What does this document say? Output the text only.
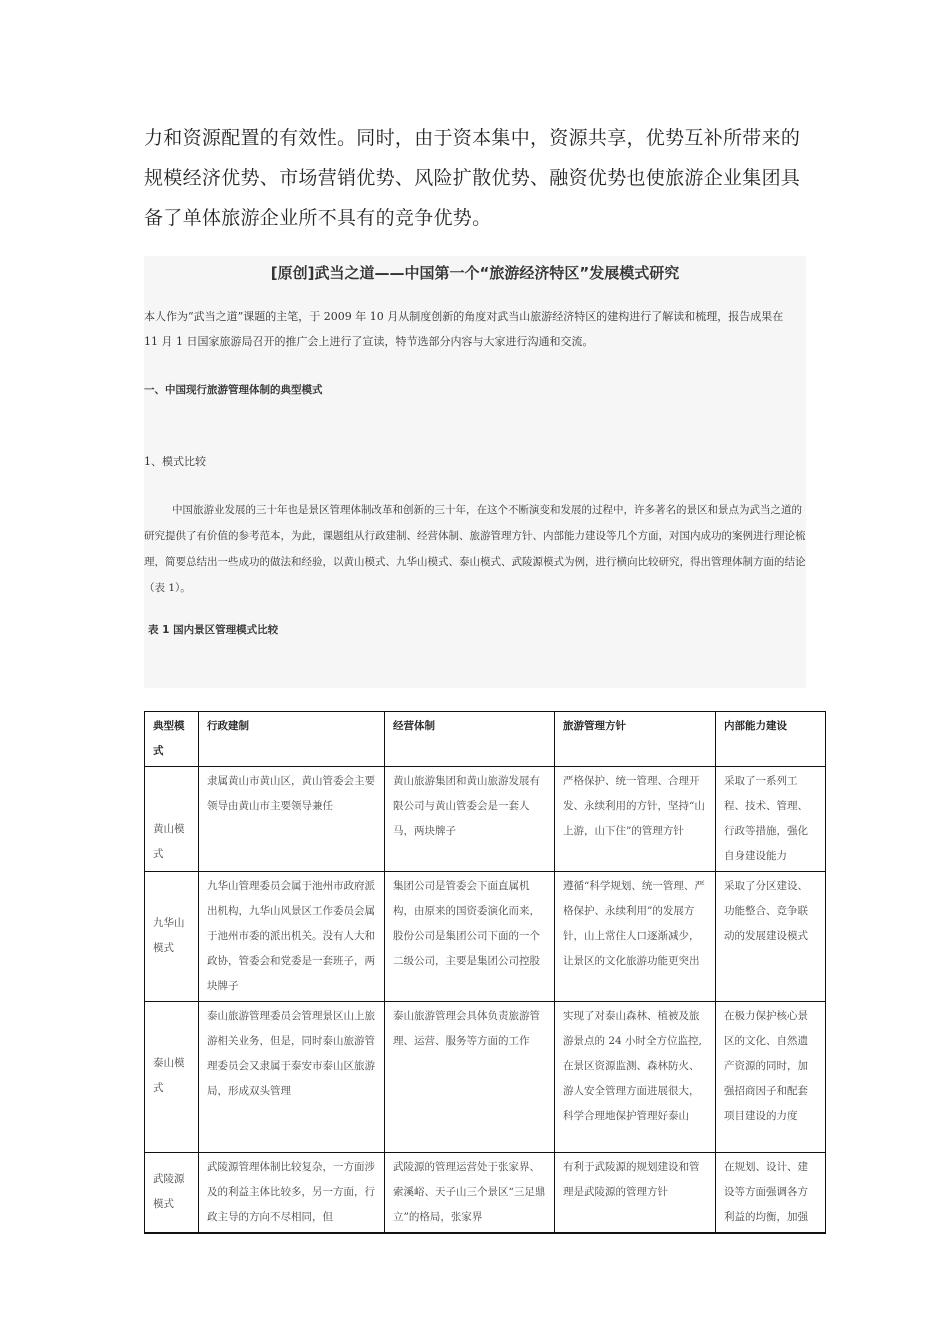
力和资源配置的有效性。同时，由于资本集中，资源共享，优势互补所带来的

规模经济优势、市场营销优势、风险扩散优势、融资优势也使旅游企业集团具

备了单体旅游企业所不具有的竞争优势。

[原创]武当之道——中国第一个“旅游经济特区”发展模式研究

本人作为“武当之道”课题的主笔，于 2009 年 10 月从制度创新的角度对武当山旅游经济特区的建构进行了解读和梳理，报告成果在

11 月 1 日国家旅游局召开的推广会上进行了宣读，特节选部分内容与大家进行沟通和交流。

一、中国现行旅游管理体制的典型模式
1、模式比较
中国旅游业发展的三十年也是景区管理体制改革和创新的三十年，在这个不断演变和发展的过程中，许多著名的景区和景点为武当之道的研究提供了有价值的参考范本，为此，课题组从行政建制、经营体制、旅游管理方针、内部能力建设等几个方面，对国内成功的案例进行理论梳理，简要总结出一些成功的做法和经验，以黄山模式、九华山模式、泰山模式、武陵源模式为例，进行横向比较研究，得出管理体制方面的结论（表 1）。
表 1 国内景区管理模式比较
典型模式	行政建制	经营体制	旅游管理方针	内部能力建设
黄山模式	隶属黄山市黄山区，黄山管委会主要领导由黄山市主要领导兼任	黄山旅游集团和黄山旅游发展有限公司与黄山管委会是一套人马，两块牌子	严格保护、统一管理、合理开发、永续利用的方针，坚持“山上游，山下住”的管理方针	采取了一系列工程、技术、管理、行政等措施，强化自身建设能力
九华山模式	九华山管理委员会属于池州市政府派出机构，九华山风景区工作委员会属于池州市委的派出机关。没有人大和政协，管委会和党委是一套班子，两块牌子	集团公司是管委会下面直属机构，由原来的国资委演化而来，股份公司是集团公司下面的一个二级公司，主要是集团公司控股	遵循“科学规划、统一管理、严格保护、永续利用”的发展方针，山上常住人口逐渐减少，让景区的文化旅游功能更突出	采取了分区建设、功能整合、竞争联动的发展建设模式
泰山模式	泰山旅游管理委员会管理景区山上旅游相关业务，但是，同时泰山旅游管理委员会又隶属于泰安市泰山区旅游局，形成双头管理	泰山旅游管理会具体负责旅游管理、运营、服务等方面的工作	实现了对泰山森林、植被及旅游景点的 24 小时全方位监控,在景区资源监测、森林防火、游人安全管理方面进展很大，科学合理地保护管理好泰山	在极力保护核心景区的文化、自然遗产资源的同时，加强招商因子和配套项目建设的力度
武陵源模式	武陵源管理体制比较复杂，一方面涉及的利益主体比较多，另一方面，行政主导的方向不尽相同，但	武陵源的管理运营处于张家界、索溪峪、天子山三个景区“三足鼎立”的格局，张家界	有利于武陵源的规划建设和管理是武陵源的管理方针	在规划、设计、建设等方面强调各方利益的均衡，加强
